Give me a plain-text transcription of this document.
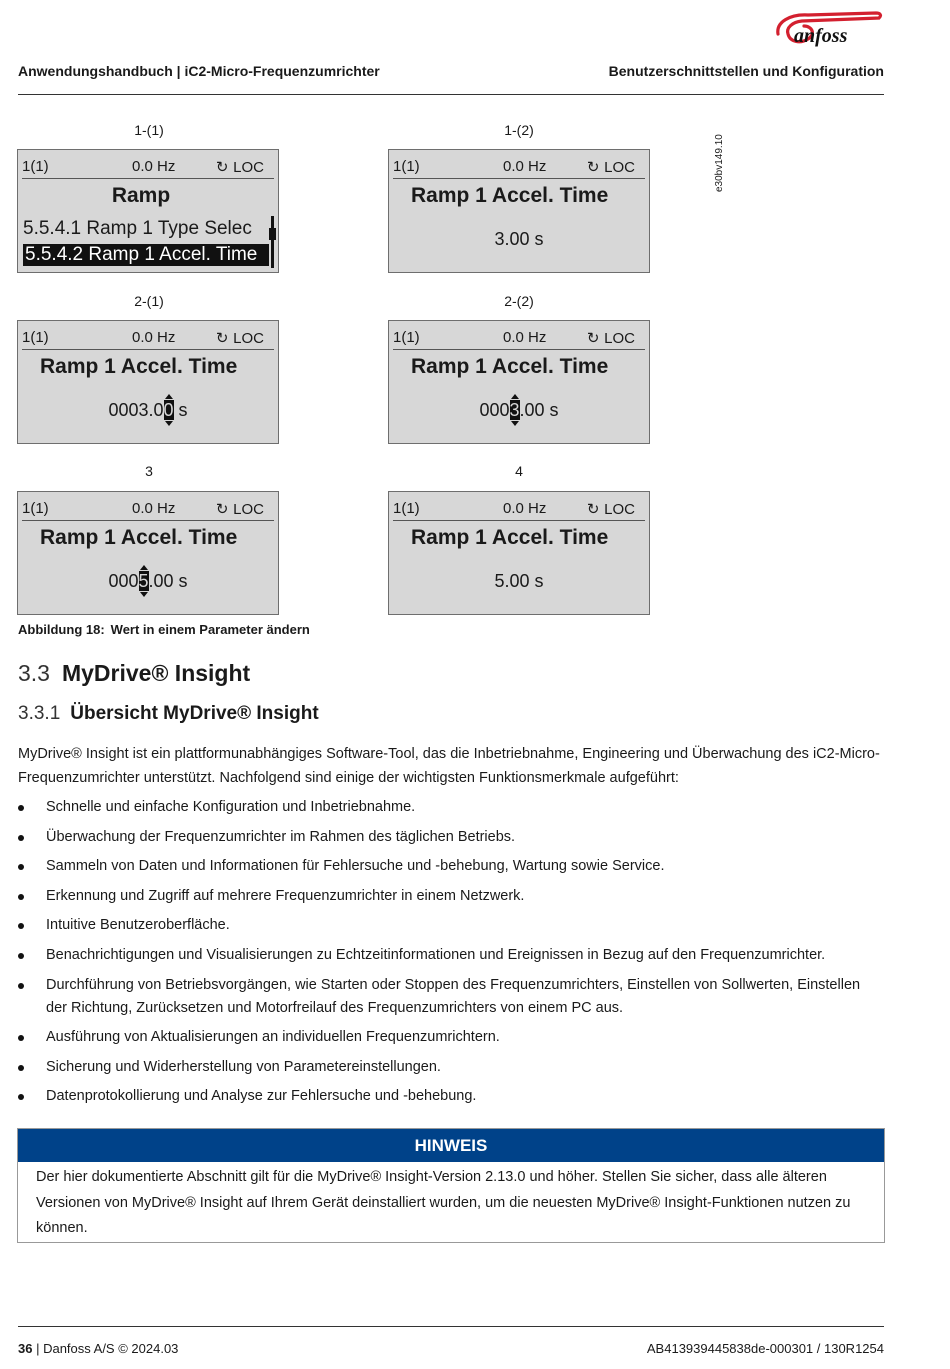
anfoss
Anwendungshandbuch | iC2-Micro-Frequenzumrichter	Benutzerschnittstellen und Konfiguration
e30bv149.10
1-(1)	1-(2)
2-(1)	2-(2)
3	4
1(1)	0.0 Hz	↻ LOC
Ramp
5.5.4.1 Ramp 1 Type Selec
5.5.4.2 Ramp 1 Accel. Time
1(1)	0.0 Hz	↻ LOC
Ramp 1 Accel. Time
3.00 s
1(1)	0.0 Hz	↻ LOC
Ramp 1 Accel. Time
0003.00 s
1(1)	0.0 Hz	↻ LOC
Ramp 1 Accel. Time
0003.00 s
1(1)	0.0 Hz	↻ LOC
Ramp 1 Accel. Time
0005.00 s
1(1)	0.0 Hz	↻ LOC
Ramp 1 Accel. Time
5.00 s
Abbildung 18: Wert in einem Parameter ändern
3.3 MyDrive® Insight
3.3.1 Übersicht MyDrive® Insight
MyDrive® Insight ist ein plattformunabhängiges Software-Tool, das die Inbetriebnahme, Engineering und Überwachung des iC2-Micro-Frequenzumrichter unterstützt. Nachfolgend sind einige der wichtigsten Funktionsmerkmale aufgeführt:
Schnelle und einfache Konfiguration und Inbetriebnahme.
Überwachung der Frequenzumrichter im Rahmen des täglichen Betriebs.
Sammeln von Daten und Informationen für Fehlersuche und -behebung, Wartung sowie Service.
Erkennung und Zugriff auf mehrere Frequenzumrichter in einem Netzwerk.
Intuitive Benutzeroberfläche.
Benachrichtigungen und Visualisierungen zu Echtzeitinformationen und Ereignissen in Bezug auf den Frequenzumrichter.
Durchführung von Betriebsvorgängen, wie Starten oder Stoppen des Frequenzumrichters, Einstellen von Sollwerten, Einstellen der Richtung, Zurücksetzen und Motorfreilauf des Frequenzumrichters von einem PC aus.
Ausführung von Aktualisierungen an individuellen Frequenzumrichtern.
Sicherung und Widerherstellung von Parametereinstellungen.
Datenprotokollierung und Analyse zur Fehlersuche und -behebung.
HINWEIS
Der hier dokumentierte Abschnitt gilt für die MyDrive® Insight-Version 2.13.0 und höher. Stellen Sie sicher, dass alle älteren Versionen von MyDrive® Insight auf Ihrem Gerät deinstalliert wurden, um die neuesten MyDrive® Insight-Funktionen nutzen zu können.
36 | Danfoss A/S © 2024.03	AB413939445838de-000301 / 130R1254
